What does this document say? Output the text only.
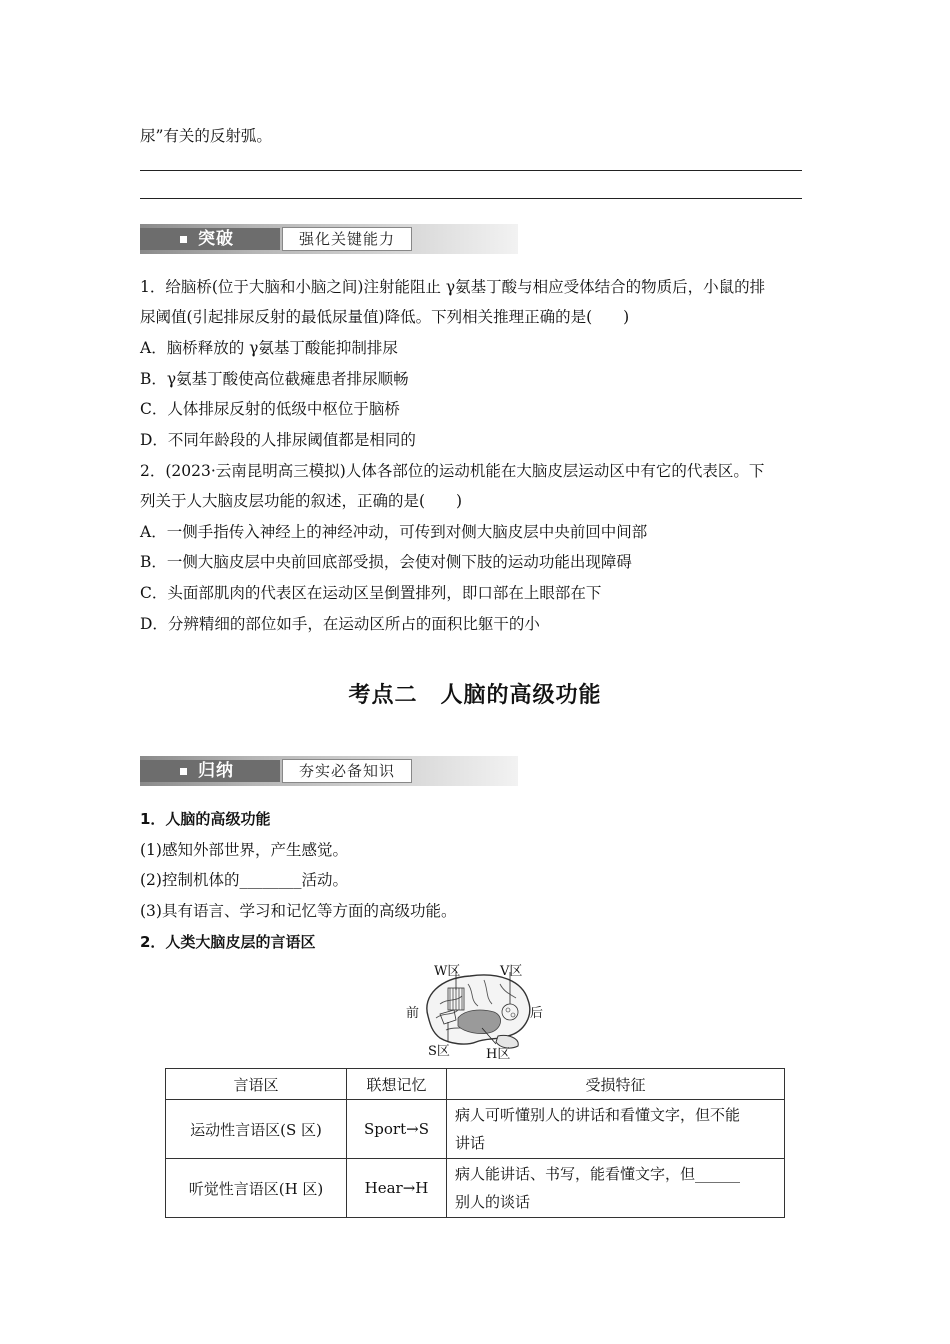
尿”有关的反射弧。
突破	强化关键能力
1．给脑桥(位于大脑和小脑之间)注射能阻止 γ氨基丁酸与相应受体结合的物质后，小鼠的排
尿阈值(引起排尿反射的最低尿量值)降低。下列相关推理正确的是(　　)
A．脑桥释放的 γ氨基丁酸能抑制排尿
B．γ氨基丁酸使高位截瘫患者排尿顺畅
C．人体排尿反射的低级中枢位于脑桥
D．不同年龄段的人排尿阈值都是相同的
2．(2023·云南昆明高三模拟)人体各部位的运动机能在大脑皮层运动区中有它的代表区。下
列关于人大脑皮层功能的叙述，正确的是(　　)
A．一侧手指传入神经上的神经冲动，可传到对侧大脑皮层中央前回中间部
B．一侧大脑皮层中央前回底部受损，会使对侧下肢的运动功能出现障碍
C．头面部肌肉的代表区在运动区呈倒置排列，即口部在上眼部在下
D．分辨精细的部位如手，在运动区所占的面积比躯干的小
考点二　人脑的高级功能
归纳	夯实必备知识
1．人脑的高级功能
(1)感知外部世界，产生感觉。
(2)控制机体的________活动。
(3)具有语言、学习和记忆等方面的高级功能。
2．人类大脑皮层的言语区
W区	V区
前	后
S区	H区
言语区	联想记忆	受损特征
运动性言语区(S 区)	Sport→S	病人可听懂别人的讲话和看懂文字，但不能
讲话

听觉性言语区(H 区)	Hear→H	病人能讲话、书写，能看懂文字，但______
别人的谈话
